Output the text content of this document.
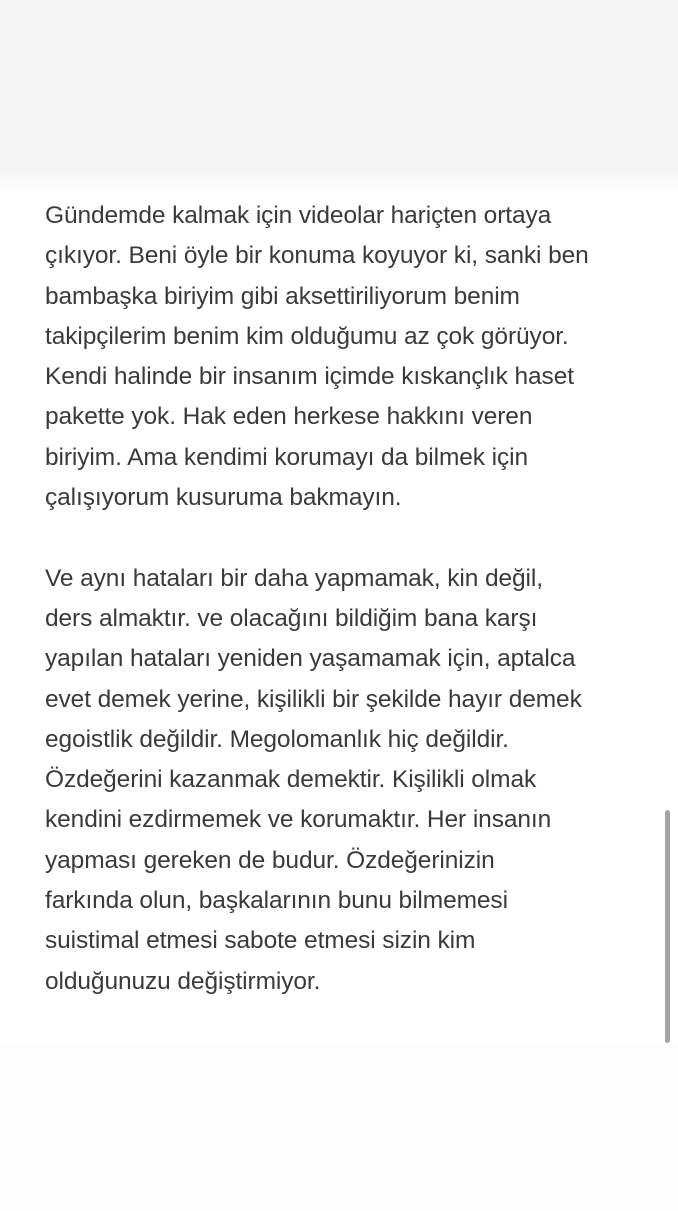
Gündemde kalmak için videolar hariçten ortaya
çıkıyor. Beni öyle bir konuma koyuyor ki, sanki ben
bambaşka biriyim gibi aksettiriliyorum benim
takipçilerim benim kim olduğumu az çok görüyor.
Kendi halinde bir insanım içimde kıskançlık haset
pakette yok. Hak eden herkese hakkını veren
biriyim. Ama kendimi korumayı da bilmek için
çalışıyorum kusuruma bakmayın.

Ve aynı hataları bir daha yapmamak, kin değil,
ders almaktır. ve olacağını bildiğim bana karşı
yapılan hataları yeniden yaşamamak için, aptalca
evet demek yerine, kişilikli bir şekilde hayır demek
egoistlik değildir. Megolomanlık hiç değildir.
Özdeğerini kazanmak demektir. Kişilikli olmak
kendini ezdirmemek ve korumaktır. Her insanın
yapması gereken de budur. Özdeğerinizin
farkında olun, başkalarının bunu bilmemesi
suistimal etmesi sabote etmesi sizin kim
olduğunuzu değiştirmiyor.
